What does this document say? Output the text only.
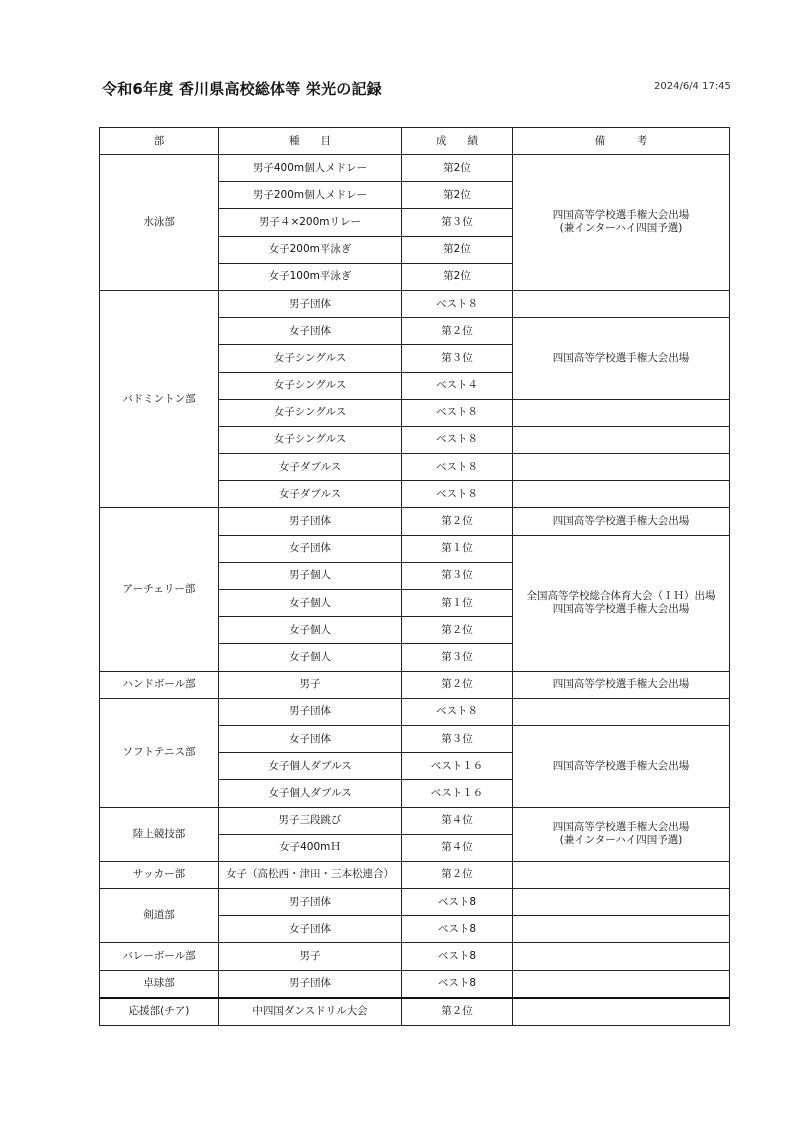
令和6年度 香川県高校総体等 栄光の記録	2024/6/4 17:45
部	種　　目	成　　績	備　　　考
水泳部	男子400m個人メドレー	第2位	四国高等学校選手権大会出場
(兼インターハイ四国予選)

	男子200m個人メドレー	第2位	
	男子４×200mリレー	第３位	
	女子200m平泳ぎ	第2位	
	女子100m平泳ぎ	第2位	
バドミントン部	男子団体	ベスト８	
	女子団体	第２位	四国高等学校選手権大会出場
	女子シングルス	第３位	
	女子シングルス	ベスト４	
	女子シングルス	ベスト８	
	女子シングルス	ベスト８	
	女子ダブルス	ベスト８	
	女子ダブルス	ベスト８	
アーチェリー部	男子団体	第２位	四国高等学校選手権大会出場
	女子団体	第１位	全国高等学校総合体育大会（ＩＨ）出場
四国高等学校選手権大会出場

	男子個人	第３位	
	女子個人	第１位	
	女子個人	第２位	
	女子個人	第３位	
ハンドボール部	男子	第２位	四国高等学校選手権大会出場
ソフトテニス部	男子団体	ベスト８	
	女子団体	第３位	四国高等学校選手権大会出場
	女子個人ダブルス	ベスト１６	
	女子個人ダブルス	ベスト１６	
陸上競技部	男子三段跳び	第４位	四国高等学校選手権大会出場
(兼インターハイ四国予選)

	女子400mＨ	第４位	
サッカー部	女子（高松西・津田・三本松連合）	第２位	
剣道部	男子団体	ベスト8	
	女子団体	ベスト8	
バレーボール部	男子	ベスト8	
卓球部	男子団体	ベスト8	
応援部(チア)	中四国ダンスドリル大会	第２位	
